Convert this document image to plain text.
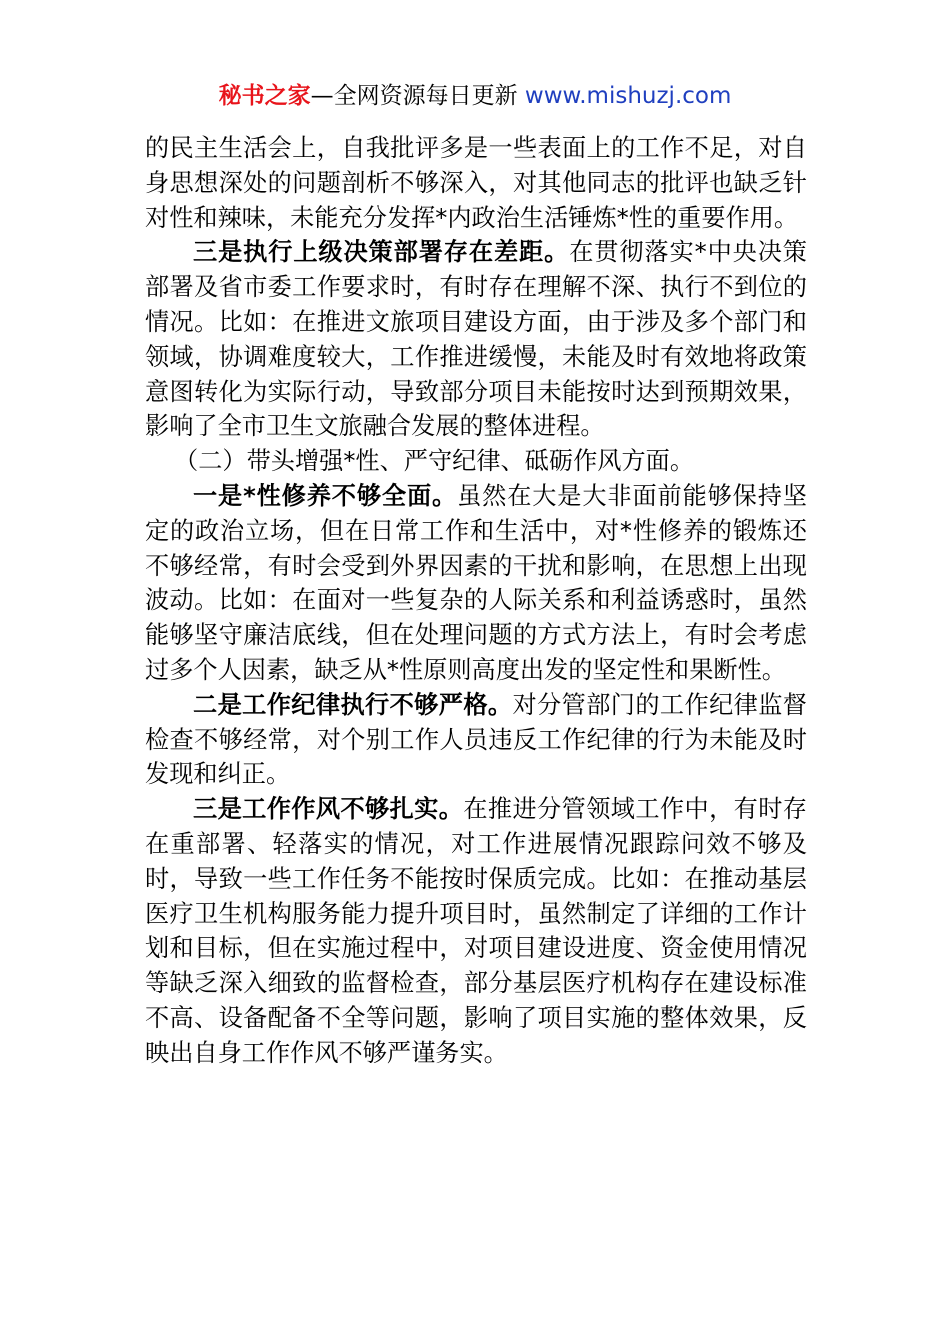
秘书之家—全网资源每日更新 www.mishuzj.com

的民主生活会上，自我批评多是一些表面上的工作不足，对自身思想深处的问题剖析不够深入，对其他同志的批评也缺乏针对性和辣味，未能充分发挥*内政治生活锤炼*性的重要作用。

三是执行上级决策部署存在差距。在贯彻落实*中央决策部署及省市委工作要求时，有时存在理解不深、执行不到位的情况。比如：在推进文旅项目建设方面，由于涉及多个部门和领域，协调难度较大，工作推进缓慢，未能及时有效地将政策意图转化为实际行动，导致部分项目未能按时达到预期效果，影响了全市卫生文旅融合发展的整体进程。

（二）带头增强*性、严守纪律、砥砺作风方面。

一是*性修养不够全面。虽然在大是大非面前能够保持坚定的政治立场，但在日常工作和生活中，对*性修养的锻炼还不够经常，有时会受到外界因素的干扰和影响，在思想上出现波动。比如：在面对一些复杂的人际关系和利益诱惑时，虽然能够坚守廉洁底线，但在处理问题的方式方法上，有时会考虑过多个人因素，缺乏从*性原则高度出发的坚定性和果断性。

二是工作纪律执行不够严格。对分管部门的工作纪律监督检查不够经常，对个别工作人员违反工作纪律的行为未能及时发现和纠正。

三是工作作风不够扎实。在推进分管领域工作中，有时存在重部署、轻落实的情况，对工作进展情况跟踪问效不够及时，导致一些工作任务不能按时保质完成。比如：在推动基层医疗卫生机构服务能力提升项目时，虽然制定了详细的工作计划和目标，但在实施过程中，对项目建设进度、资金使用情况等缺乏深入细致的监督检查，部分基层医疗机构存在建设标准不高、设备配备不全等问题，影响了项目实施的整体效果，反映出自身工作作风不够严谨务实。
